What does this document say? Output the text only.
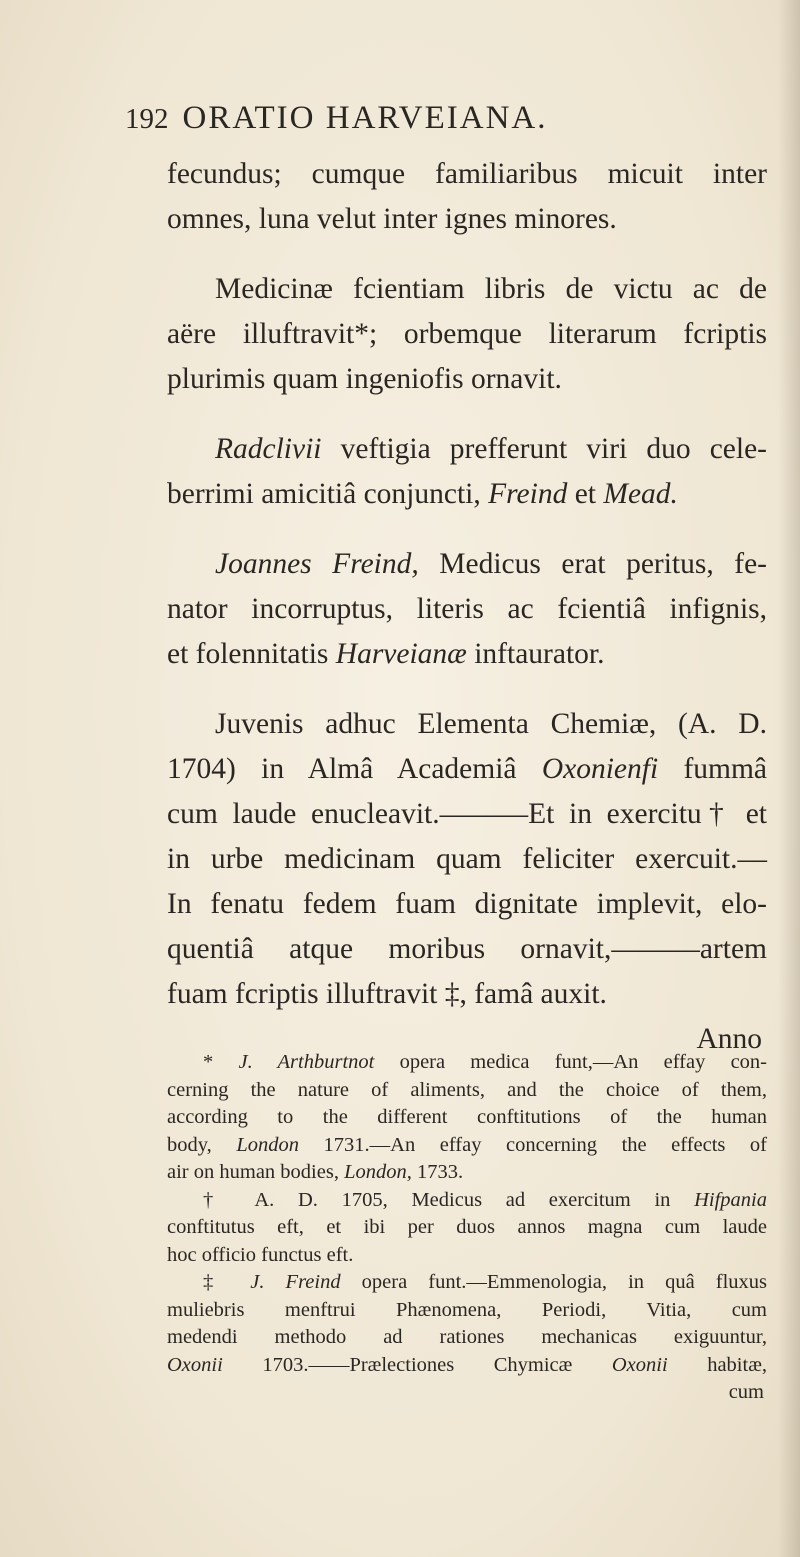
192 ORATIO HARVEIANA.

fecundus; cumque familiaribus micuit inter

omnes, luna velut inter ignes minores.

Medicinæ fcientiam libris de victu ac de

aëre illuftravit*; orbemque literarum fcriptis

plurimis quam ingeniofis ornavit.

Radclivii veftigia prefferunt viri duo cele-

berrimi amicitiâ conjuncti, Freind et Mead.

Joannes Freind, Medicus erat peritus, fe-

nator incorruptus, literis ac fcientiâ infignis,

et folennitatis Harveianæ inftaurator.

Juvenis adhuc Elementa Chemiæ, (A. D.

1704) in Almâ Academiâ Oxonienfi fummâ

cum laude enucleavit.———Et in exercitu† et

in urbe medicinam quam feliciter exercuit.—

In fenatu fedem fuam dignitate implevit, elo-

quentiâ atque moribus ornavit,———artem

fuam fcriptis illuftravit ‡, famâ auxit.

Anno

* J. Arthburtnot opera medica funt,—An effay con-

cerning the nature of aliments, and the choice of them,

according to the different conftitutions of the human

body, London 1731.—An effay concerning the effects of

air on human bodies, London, 1733.

† A. D. 1705, Medicus ad exercitum in Hifpania

conftitutus eft, et ibi per duos annos magna cum laude

hoc officio functus eft.

‡ J. Freind opera funt.—Emmenologia, in quâ fluxus

muliebris menftrui Phænomena, Periodi, Vitia, cum

medendi methodo ad rationes mechanicas exiguuntur,

Oxonii 1703.——Prælectiones Chymicæ Oxonii habitæ,

cum
